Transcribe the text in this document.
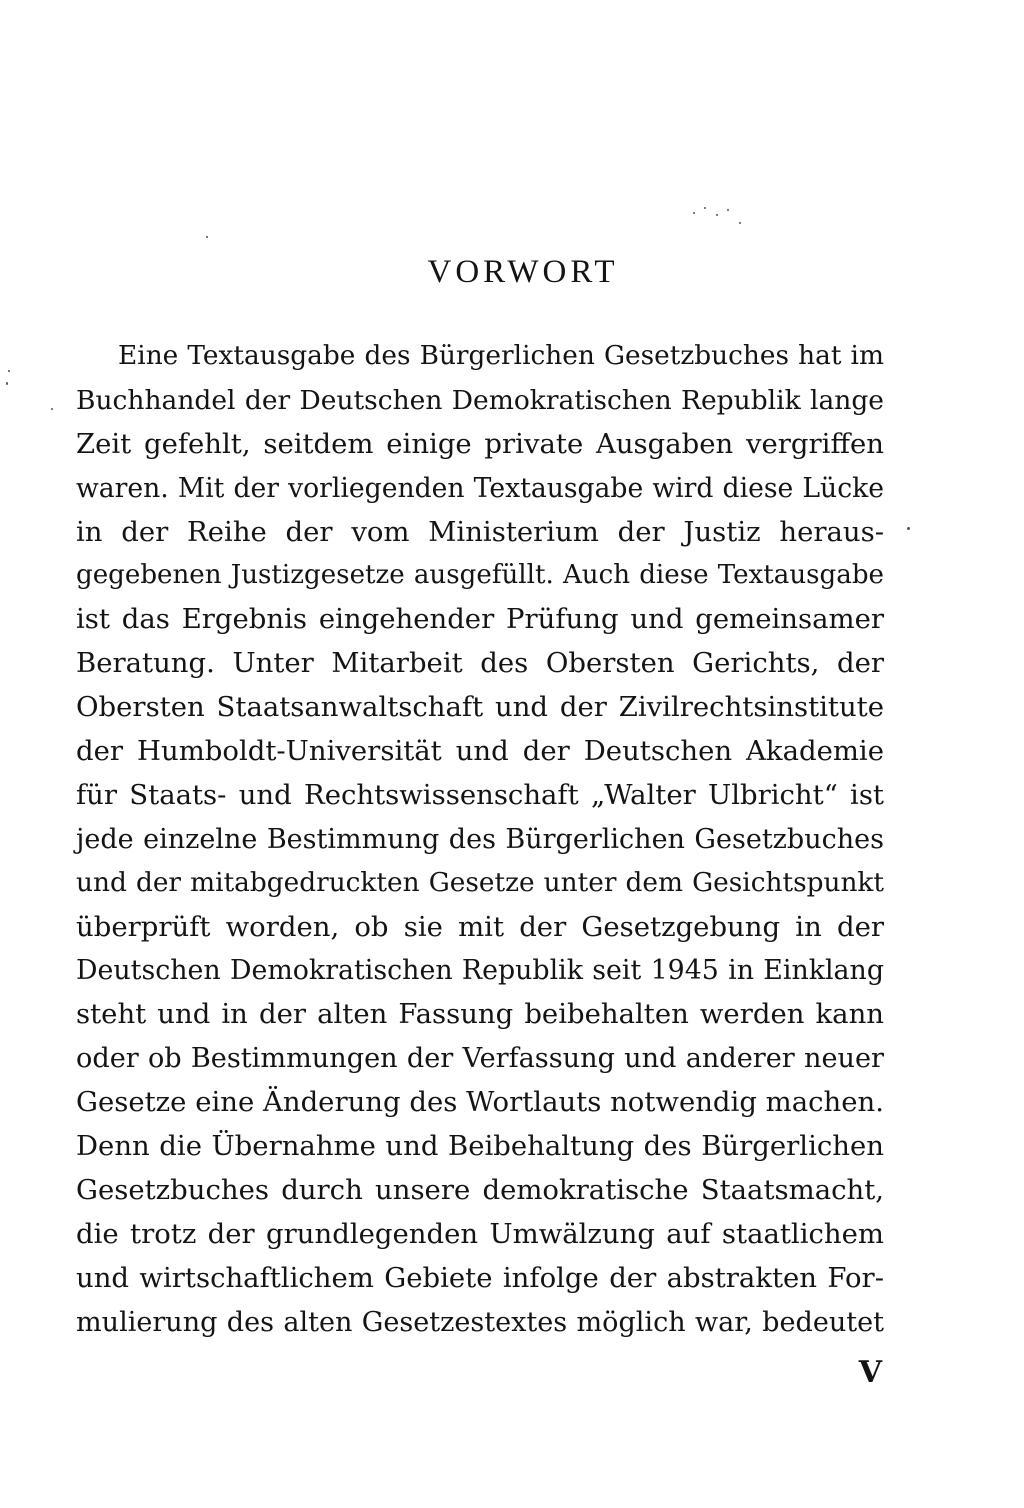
VORWORT
Eine Textausgabe des Bürgerlichen Gesetzbuches hat im
Buchhandel der Deutschen Demokratischen Republik lange
Zeit gefehlt, seitdem einige private Ausgaben vergriffen
waren. Mit der vorliegenden Textausgabe wird diese Lücke
in der Reihe der vom Ministerium der Justiz heraus-
gegebenen Justizgesetze ausgefüllt. Auch diese Textausgabe
ist das Ergebnis eingehender Prüfung und gemeinsamer
Beratung. Unter Mitarbeit des Obersten Gerichts, der
Obersten Staatsanwaltschaft und der Zivilrechtsinstitute
der Humboldt-Universität und der Deutschen Akademie
für Staats- und Rechtswissenschaft „Walter Ulbricht“ ist
jede einzelne Bestimmung des Bürgerlichen Gesetzbuches
und der mitabgedruckten Gesetze unter dem Gesichtspunkt
überprüft worden, ob sie mit der Gesetzgebung in der
Deutschen Demokratischen Republik seit 1945 in Einklang
steht und in der alten Fassung beibehalten werden kann
oder ob Bestimmungen der Verfassung und anderer neuer
Gesetze eine Änderung des Wortlauts notwendig machen.
Denn die Übernahme und Beibehaltung des Bürgerlichen
Gesetzbuches durch unsere demokratische Staatsmacht,
die trotz der grundlegenden Umwälzung auf staatlichem
und wirtschaftlichem Gebiete infolge der abstrakten For-
mulierung des alten Gesetzestextes möglich war, bedeutet
V
